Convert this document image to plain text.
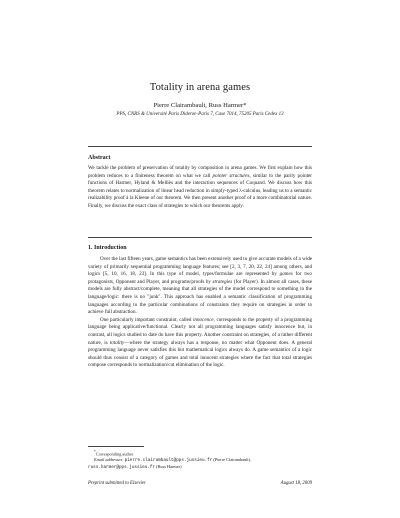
Totality in arena games
Pierre Clairambault, Russ Harmer*
PPS, CNRS & Université Paris Diderot–Paris 7, Case 7014, 75205 Paris Cedex 13
Abstract
We tackle the problem of preservation of totality by composition in arena games. We first explain how this problem reduces to a finiteness theorem on what we call pointer structures, similar to the parity pointer functions of Harmer, Hyland & Melliès and the interaction sequences of Coquand. We discuss how this theorem relates to normalization of linear head reduction in simply-typed λ-calculus, leading us to a semantic realizability proof à la Kleene of our theorem. We then present another proof of a more combinatorial nature. Finally, we discuss the exact class of strategies to which our theorems apply.
1. Introduction

Over the last fifteen years, game semantics has been extensively used to give accurate models of a wide variety of primarily sequential programming language features; see [2, 3, 7, 20, 22, 24] among others, and logics [5, 10, 16, 18, 23]. In this type of model, types/formulae are represented by games for two protagonists, Opponent and Player, and programs/proofs by strategies (for Player). In almost all cases, these models are fully abstract/complete, meaning that all strategies of the model correspond to something in the language/logic: there is no "junk". This approach has enabled a semantic classification of programming languages according to the particular combinations of constraints they require on strategies in order to achieve full abstraction.

One particularly important constraint, called innocence, corresponds to the property of a programming language being applicative/functional. Clearly not all programming languages satisfy innocence but, in contrast, all logics studied to date do have this property. Another constraint on strategies, of a rather different nature, is totality—where the strategy always has a response, no matter what Opponent does. A general programming language never satisfies this but mathematical logics always do. A game semantics of a logic should thus consist of a category of games and total innocent strategies where the fact that total strategies compose corresponds to normalization/cut elimination of the logic.

*Corresponding author
Email addresses: pierre.clairambault@pps.jussieu.fr (Pierre Clairambault),
russ.harmer@pps.jussieu.fr (Russ Harmer)
Preprint submitted to Elsevier	August 18, 2009
